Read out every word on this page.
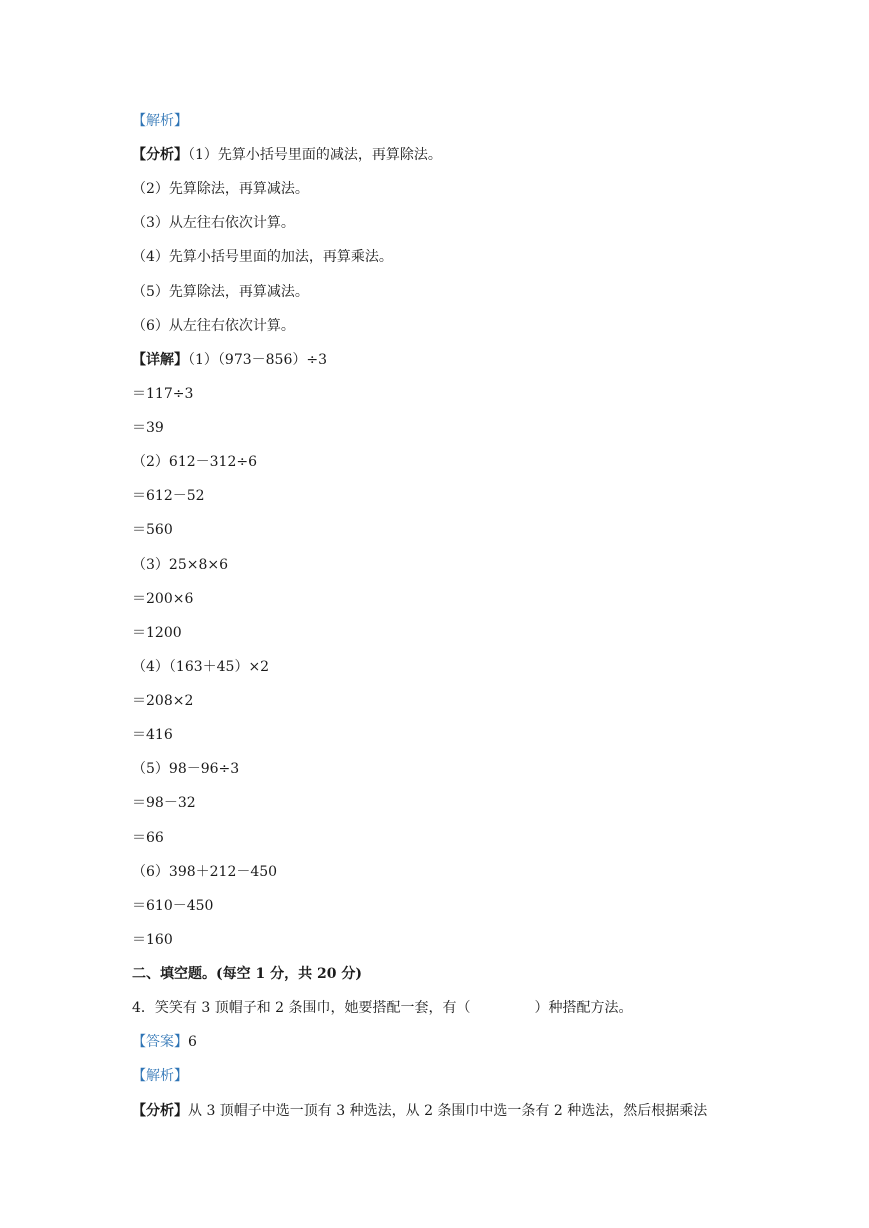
【解析】
【分析】（1）先算小括号里面的减法，再算除法。
（2）先算除法，再算减法。
（3）从左往右依次计算。
（4）先算小括号里面的加法，再算乘法。
（5）先算除法，再算减法。
（6）从左往右依次计算。
【详解】（1）（973－856）÷3
＝117÷3
＝39
（2）612－312÷6
＝612－52
＝560
（3）25×8×6
＝200×6
＝1200
（4）（163＋45）×2
＝208×2
＝416
（5）98－96÷3
＝98－32
＝66
（6）398＋212－450
＝610－450
＝160
二、填空题。(每空 1 分，共 20 分)
4．笑笑有 3 顶帽子和 2 条围巾，她要搭配一套，有（	）种搭配方法。
【答案】6
【解析】
【分析】从 3 顶帽子中选一顶有 3 种选法，从 2 条围巾中选一条有 2 种选法，然后根据乘法
